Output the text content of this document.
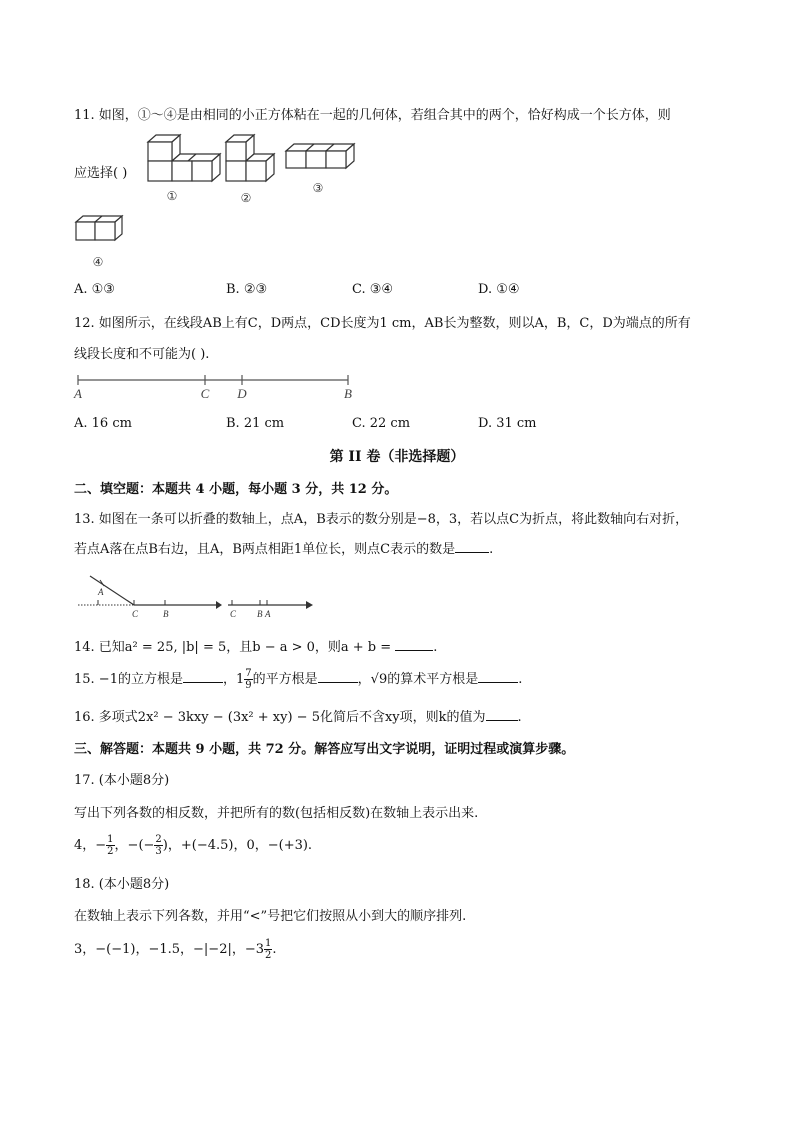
11. 如图，①～④是由相同的小正方体粘在一起的几何体，若组合其中的两个，恰好构成一个长方体，则
应选择( )
①	②
③
④
A. ①③	B. ②③	C. ③④	D. ①④
12. 如图所示，在线段AB上有C，D两点，CD长度为1 cm，AB长为整数，则以A，B，C，D为端点的所有
线段长度和不可能为( ).
A	C D	B
A. 16 cm	B. 21 cm	C. 22 cm	D. 31 cm
第 II 卷（非选择题）
二、填空题：本题共 4 小题，每小题 3 分，共 12 分。
13. 如图在一条可以折叠的数轴上，点A，B表示的数分别是−8，3，若以点C为折点，将此数轴向右对折，
若点A落在点B右边，且A，B两点相距1单位长，则点C表示的数是	.
A
C	B	C B A
14. 已知a² = 25, |b| = 5，且b − a > 0，则a + b =	.
15. −1的立方根是	，$1 \frac{7}{9}$ 的平方根是	，√9的算术平方根是	.
16. 多项式2x² − 3kxy − (3x² + xy) − 5化简后不含xy项，则k的值为 .
三、解答题：本题共 9 小题，共 72 分。解答应写出文字说明，证明过程或演算步骤。
17. (本小题8分)
写出下列各数的相反数，并把所有的数(包括相反数)在数轴上表示出来.
4，− $\frac{1}{2}$ ，−(− $\frac{2}{3}$ )，+(−4.5)，0，−(+3).
18. (本小题8分)
在数轴上表示下列各数，并用“<”号把它们按照从小到大的顺序排列.
3，−(−1)，−1.5，−|−2|，$-3 \frac{1}{2}$ .
